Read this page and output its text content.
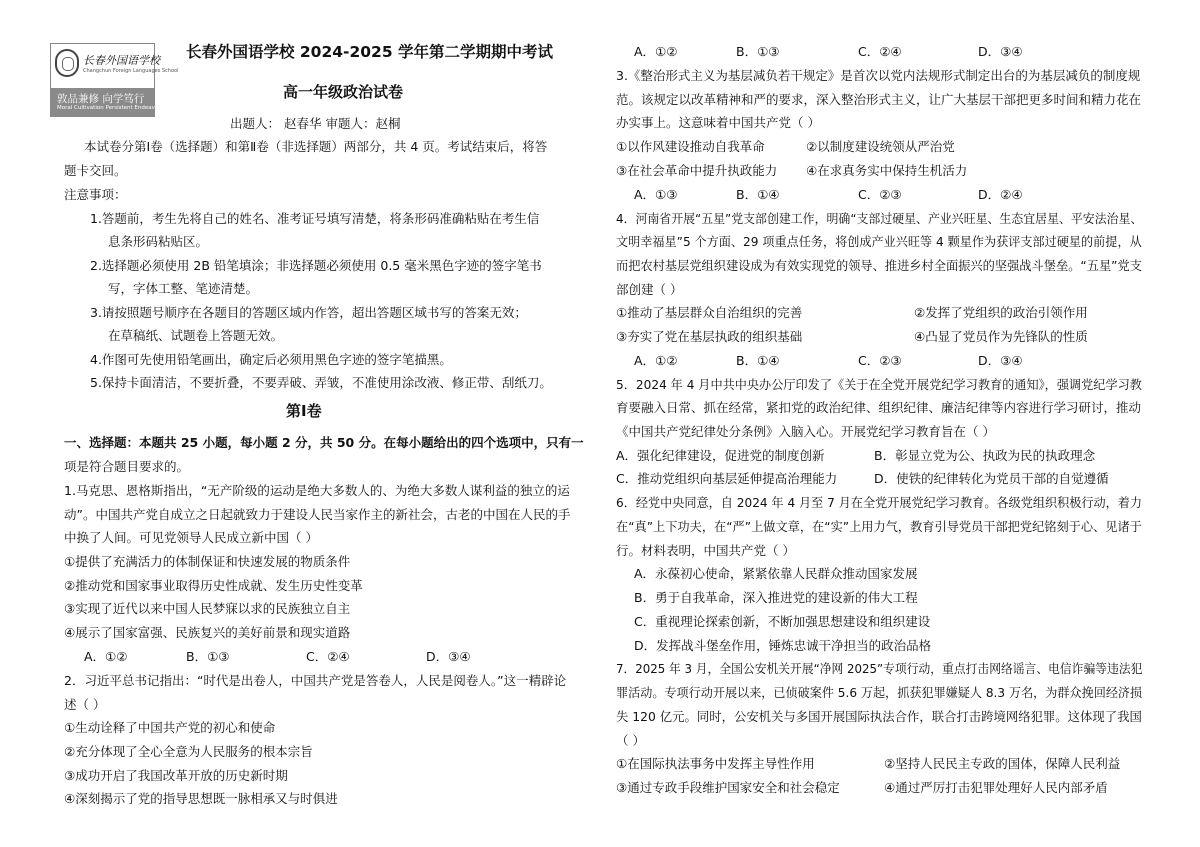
长春外国语学校
Changchun Foreign Languages School
敦品兼修 向学笃行
Moral Cultivation Persistent Endeavor
长春外国语学校 2024-2025 学年第二学期期中考试
高一年级政治试卷
出题人： 赵春华 审题人：赵桐
本试卷分第Ⅰ卷（选择题）和第Ⅱ卷（非选择题）两部分，共 4 页。考试结束后，将答
题卡交回。
注意事项：
1.答题前，考生先将自己的姓名、准考证号填写清楚，将条形码准确粘贴在考生信
息条形码粘贴区。
2.选择题必须使用 2B 铅笔填涂；非选择题必须使用 0.5 毫米黑色字迹的签字笔书
写，字体工整、笔迹清楚。
3.请按照题号顺序在各题目的答题区域内作答，超出答题区域书写的答案无效；
在草稿纸、试题卷上答题无效。
4.作图可先使用铅笔画出，确定后必须用黑色字迹的签字笔描黑。
5.保持卡面清洁，不要折叠，不要弄破、弄皱，不准使用涂改液、修正带、刮纸刀。
第Ⅰ卷
一、选择题：本题共 25 小题，每小题 2 分，共 50 分。在每小题给出的四个选项中，只有一
项是符合题目要求的。
1.马克思、恩格斯指出，“无产阶级的运动是绝大多数人的、为绝大多数人谋利益的独立的运
动”。中国共产党自成立之日起就致力于建设人民当家作主的新社会，古老的中国在人民的手
中换了人间。可见党领导人民成立新中国（ ）
①提供了充满活力的体制保证和快速发展的物质条件
②推动党和国家事业取得历史性成就、发生历史性变革
③实现了近代以来中国人民梦寐以求的民族独立自主
④展示了国家富强、民族复兴的美好前景和现实道路
A．①②	B．①③	C．②④	D．③④
2．习近平总书记指出：“时代是出卷人，中国共产党是答卷人，人民是阅卷人。”这一精辟论
述（ ）
①生动诠释了中国共产党的初心和使命
②充分体现了全心全意为人民服务的根本宗旨
③成功开启了我国改革开放的历史新时期
④深刻揭示了党的指导思想既一脉相承又与时俱进
A．①②	B．①③	C．②④	D．③④
3.《整治形式主义为基层减负若干规定》是首次以党内法规形式制定出台的为基层减负的制度规
范。该规定以改革精神和严的要求，深入整治形式主义，让广大基层干部把更多时间和精力花在
办实事上。这意味着中国共产党（ ）
①以作风建设推动自我革命	②以制度建设统领从严治党
③在社会革命中提升执政能力 ④在求真务实中保持生机活力
A．①③	B．①④	C．②③	D．②④
4．河南省开展“五星”党支部创建工作，明确“支部过硬星、产业兴旺星、生态宜居星、平安法治星、
文明幸福星”5 个方面、29 项重点任务，将创成产业兴旺等 4 颗星作为获评支部过硬星的前提，从
而把农村基层党组织建设成为有效实现党的领导、推进乡村全面振兴的坚强战斗堡垒。“五星”党支
部创建（ ）
①推动了基层群众自治组织的完善	②发挥了党组织的政治引领作用
③夯实了党在基层执政的组织基础	④凸显了党员作为先锋队的性质
A．①②	B．①④	C．②③	D．③④
5．2024 年 4 月中共中央办公厅印发了《关于在全党开展党纪学习教育的通知》，强调党纪学习教
育要融入日常、抓在经常，紧扣党的政治纪律、组织纪律、廉洁纪律等内容进行学习研讨，推动
《中国共产党纪律处分条例》入脑入心。开展党纪学习教育旨在（ ）
A．强化纪律建设，促进党的制度创新	B．彰显立党为公、执政为民的执政理念
C．推动党组织向基层延伸提高治理能力	D．使铁的纪律转化为党员干部的自觉遵循
6．经党中央同意，自 2024 年 4 月至 7 月在全党开展党纪学习教育。各级党组织积极行动，着力
在“真”上下功夫，在“严”上做文章，在“实”上用力气，教育引导党员干部把党纪铭刻于心、见诸于
行。材料表明，中国共产党（ ）
A．永葆初心使命，紧紧依靠人民群众推动国家发展
B．勇于自我革命，深入推进党的建设新的伟大工程
C．重视理论探索创新，不断加强思想建设和组织建设
D．发挥战斗堡垒作用，锤炼忠诚干净担当的政治品格
7．2025 年 3 月，全国公安机关开展“净网 2025”专项行动，重点打击网络谣言、电信诈骗等违法犯
罪活动。专项行动开展以来，已侦破案件 5.6 万起，抓获犯罪嫌疑人 8.3 万名，为群众挽回经济损
失 120 亿元。同时，公安机关与多国开展国际执法合作，联合打击跨境网络犯罪。这体现了我国
（ ）
①在国际执法事务中发挥主导性作用	②坚持人民民主专政的国体，保障人民利益
③通过专政手段维护国家安全和社会稳定	④通过严厉打击犯罪处理好人民内部矛盾
